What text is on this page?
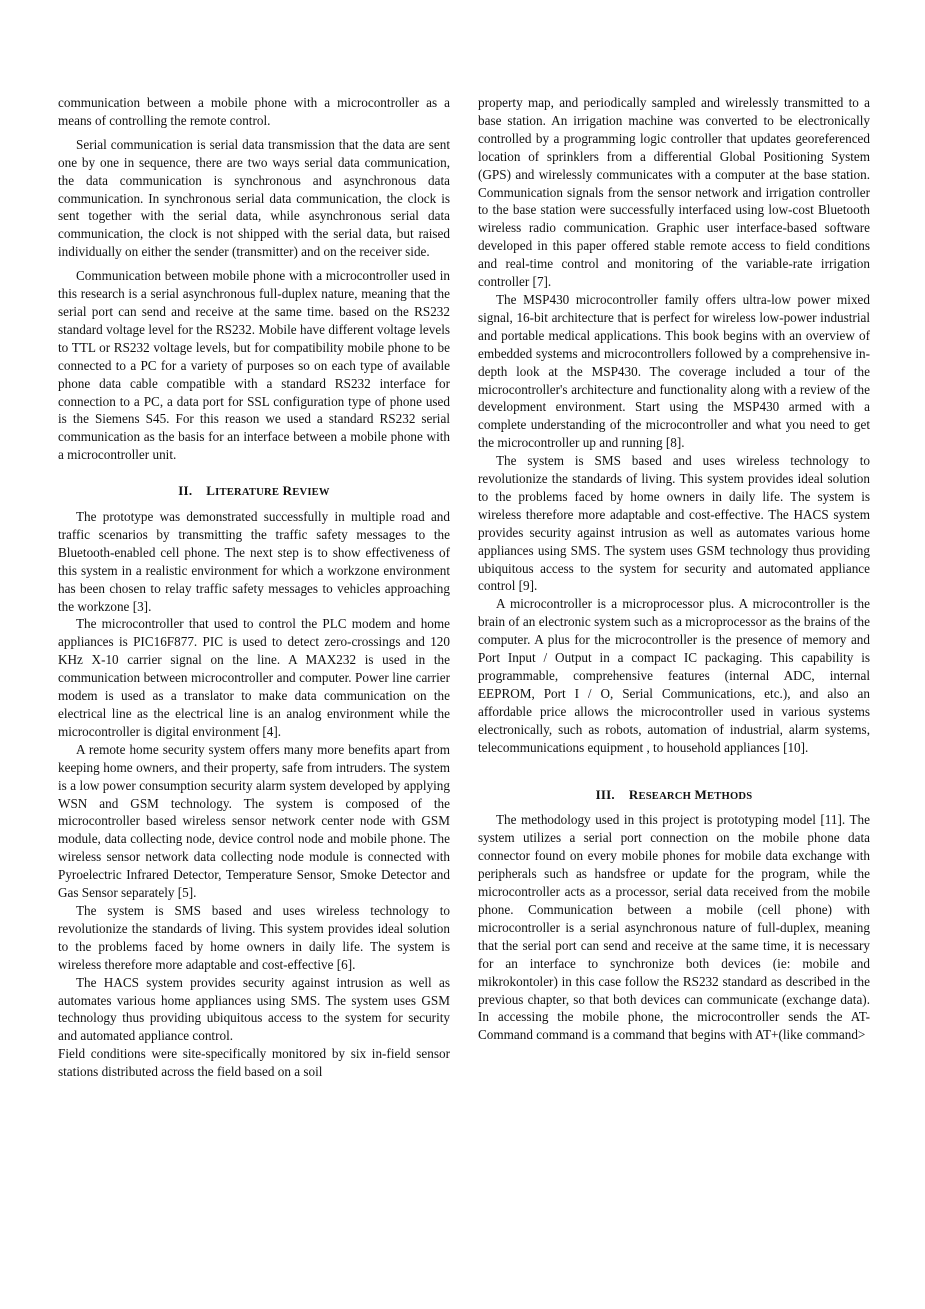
communication between a mobile phone with a microcontroller as a means of controlling the remote control.

Serial communication is serial data transmission that the data are sent one by one in sequence, there are two ways serial data communication, the data communication is synchronous and asynchronous data communication. In synchronous serial data communication, the clock is sent together with the serial data, while asynchronous serial data communication, the clock is not shipped with the serial data, but raised individually on either the sender (transmitter) and on the receiver side.

Communication between mobile phone with a microcontroller used in this research is a serial asynchronous full-duplex nature, meaning that the serial port can send and receive at the same time. based on the RS232 standard voltage level for the RS232. Mobile have different voltage levels to TTL or RS232 voltage levels, but for compatibility mobile phone to be connected to a PC for a variety of purposes so on each type of available phone data cable compatible with a standard RS232 interface for connection to a PC, a data port for SSL configuration type of phone used is the Siemens S45. For this reason we used a standard RS232 serial communication as the basis for an interface between a mobile phone with a microcontroller unit.

II. LITERATURE REVIEW

The prototype was demonstrated successfully in multiple road and traffic scenarios by transmitting the traffic safety messages to the Bluetooth-enabled cell phone. The next step is to show effectiveness of this system in a realistic environment for which a workzone environment has been chosen to relay traffic safety messages to vehicles approaching the workzone [3].

The microcontroller that used to control the PLC modem and home appliances is PIC16F877. PIC is used to detect zero-crossings and 120 KHz X-10 carrier signal on the line. A MAX232 is used in the communication between microcontroller and computer. Power line carrier modem is used as a translator to make data communication on the electrical line as the electrical line is an analog environment while the microcontroller is digital environment [4].

A remote home security system offers many more benefits apart from keeping home owners, and their property, safe from intruders. The system is a low power consumption security alarm system developed by applying WSN and GSM technology. The system is composed of the microcontroller based wireless sensor network center node with GSM module, data collecting node, device control node and mobile phone. The wireless sensor network data collecting node module is connected with Pyroelectric Infrared Detector, Temperature Sensor, Smoke Detector and Gas Sensor separately [5].

The system is SMS based and uses wireless technology to revolutionize the standards of living. This system provides ideal solution to the problems faced by home owners in daily life. The system is wireless therefore more adaptable and cost-effective [6].

The HACS system provides security against intrusion as well as automates various home appliances using SMS. The system uses GSM technology thus providing ubiquitous access to the system for security and automated appliance control.

Field conditions were site-specifically monitored by six in-field sensor stations distributed across the field based on a soil

property map, and periodically sampled and wirelessly transmitted to a base station. An irrigation machine was converted to be electronically controlled by a programming logic controller that updates georeferenced location of sprinklers from a differential Global Positioning System (GPS) and wirelessly communicates with a computer at the base station. Communication signals from the sensor network and irrigation controller to the base station were successfully interfaced using low-cost Bluetooth wireless radio communication. Graphic user interface-based software developed in this paper offered stable remote access to field conditions and real-time control and monitoring of the variable-rate irrigation controller [7].

The MSP430 microcontroller family offers ultra-low power mixed signal, 16-bit architecture that is perfect for wireless low-power industrial and portable medical applications. This book begins with an overview of embedded systems and microcontrollers followed by a comprehensive in-depth look at the MSP430. The coverage included a tour of the microcontroller's architecture and functionality along with a review of the development environment. Start using the MSP430 armed with a complete understanding of the microcontroller and what you need to get the microcontroller up and running [8].

The system is SMS based and uses wireless technology to revolutionize the standards of living. This system provides ideal solution to the problems faced by home owners in daily life. The system is wireless therefore more adaptable and cost-effective. The HACS system provides security against intrusion as well as automates various home appliances using SMS. The system uses GSM technology thus providing ubiquitous access to the system for security and automated appliance control [9].

A microcontroller is a microprocessor plus. A microcontroller is the brain of an electronic system such as a microprocessor as the brains of the computer. A plus for the microcontroller is the presence of memory and Port Input / Output in a compact IC packaging. This capability is programmable, comprehensive features (internal ADC, internal EEPROM, Port I / O, Serial Communications, etc.), and also an affordable price allows the microcontroller used in various systems electronically, such as robots, automation of industrial, alarm systems, telecommunications equipment , to household appliances [10].

III. RESEARCH METHODS

The methodology used in this project is prototyping model [11]. The system utilizes a serial port connection on the mobile phone data connector found on every mobile phones for mobile data exchange with peripherals such as handsfree or update for the program, while the microcontroller acts as a processor, serial data received from the mobile phone. Communication between a mobile (cell phone) with microcontroller is a serial asynchronous nature of full-duplex, meaning that the serial port can send and receive at the same time, it is necessary for an interface to synchronize both devices (ie: mobile and mikrokontoler) in this case follow the RS232 standard as described in the previous chapter, so that both devices can communicate (exchange data). In accessing the mobile phone, the microcontroller sends the AT-Command command is a command that begins with AT+(like command>
